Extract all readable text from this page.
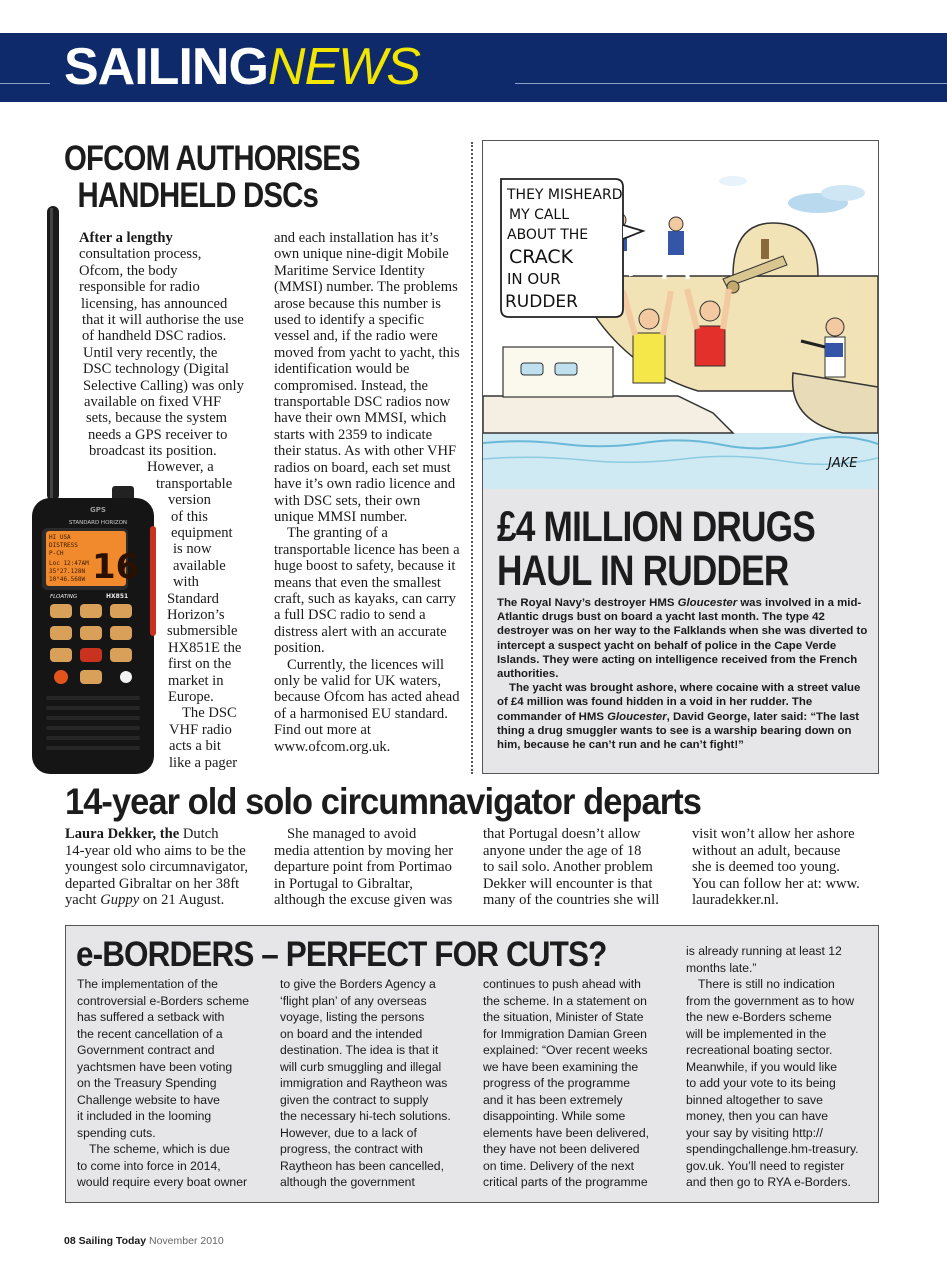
SAILINGNEWS
OFCOM AUTHORISES
HANDHELD DSCs
GPS
STANDARD HORIZON
HI USA
DISTRESS
P-CH
Loc 12:47AM
35°27.128N
10°46.568W 16
FLOATING	HX851
After a lengthy
consultation process,
Ofcom, the body
responsible for radio
licensing, has announced
that it will authorise the use
of handheld DSC radios.
Until very recently, the
DSC technology (Digital
Selective Calling) was only
available on fixed VHF
sets, because the system
needs a GPS receiver to
broadcast its position.
However, a
transportable
version
of this
equipment
is now
available
with
Standard
Horizon’s
submersible
HX851E the
first on the
market in
Europe.
The DSC
VHF radio
acts a bit
like a pager

and each installation has it’s own unique nine-digit Mobile Maritime Service Identity (MMSI) number. The problems arose because this number is used to identify a specific vessel and, if the radio were moved from yacht to yacht, this identification would be compromised. Instead, the transportable DSC radios now have their own MMSI, which starts with 2359 to indicate their status. As with other VHF radios on board, each set must have it’s own radio licence and with DSC sets, their own unique MMSI number.

The granting of a transportable licence has been a huge boost to safety, because it means that even the smallest craft, such as kayaks, can carry a full DSC radio to send a distress alert with an accurate position.

Currently, the licences will only be valid for UK waters, because Ofcom has acted ahead of a harmonised EU standard. Find out more at www.ofcom.org.uk.

THEY MISHEARD
MY CALL
ABOUT THE
CRACK
IN OUR
RUDDER
JAKE
£4 MILLION DRUGS
HAUL IN RUDDER

The Royal Navy’s destroyer HMS Gloucester was involved in a mid-Atlantic drugs bust on board a yacht last month. The type 42 destroyer was on her way to the Falklands when she was diverted to intercept a suspect yacht on behalf of police in the Cape Verde Islands. They were acting on intelligence received from the French authorities.

The yacht was brought ashore, where cocaine with a street value of £4 million was found hidden in a void in her rudder. The commander of HMS Gloucester, David George, later said: “The last thing a drug smuggler wants to see is a warship bearing down on him, because he can’t run and he can’t fight!”

14-year old solo circumnavigator departs
Laura Dekker, the Dutch
14-year old who aims to be the
youngest solo circumnavigator,
departed Gibraltar on her 38ft
yacht Guppy on 21 August.
She managed to avoid
media attention by moving her
departure point from Portimao
in Portugal to Gibraltar,
although the excuse given was
that Portugal doesn’t allow
anyone under the age of 18
to sail solo. Another problem
Dekker will encounter is that
many of the countries she will
visit won’t allow her ashore
without an adult, because
she is deemed too young.
You can follow her at: www.
lauradekker.nl.
e-BORDERS – PERFECT FOR CUTS?
The implementation of the
controversial e-Borders scheme
has suffered a setback with
the recent cancellation of a
Government contract and
yachtsmen have been voting
on the Treasury Spending
Challenge website to have
it included in the looming
spending cuts.
The scheme, which is due
to come into force in 2014,
would require every boat owner
to give the Borders Agency a
‘flight plan’ of any overseas
voyage, listing the persons
on board and the intended
destination. The idea is that it
will curb smuggling and illegal
immigration and Raytheon was
given the contract to supply
the necessary hi-tech solutions.
However, due to a lack of
progress, the contract with
Raytheon has been cancelled,
although the government
continues to push ahead with
the scheme. In a statement on
the situation, Minister of State
for Immigration Damian Green
explained: “Over recent weeks
we have been examining the
progress of the programme
and it has been extremely
disappointing. While some
elements have been delivered,
they have not been delivered
on time. Delivery of the next
critical parts of the programme
is already running at least 12
months late.”
There is still no indication
from the government as to how
the new e-Borders scheme
will be implemented in the
recreational boating sector.
Meanwhile, if you would like
to add your vote to its being
binned altogether to save
money, then you can have
your say by visiting http://
spendingchallenge.hm-treasury.
gov.uk. You’ll need to register
and then go to RYA e-Borders.
08 Sailing Today November 2010
